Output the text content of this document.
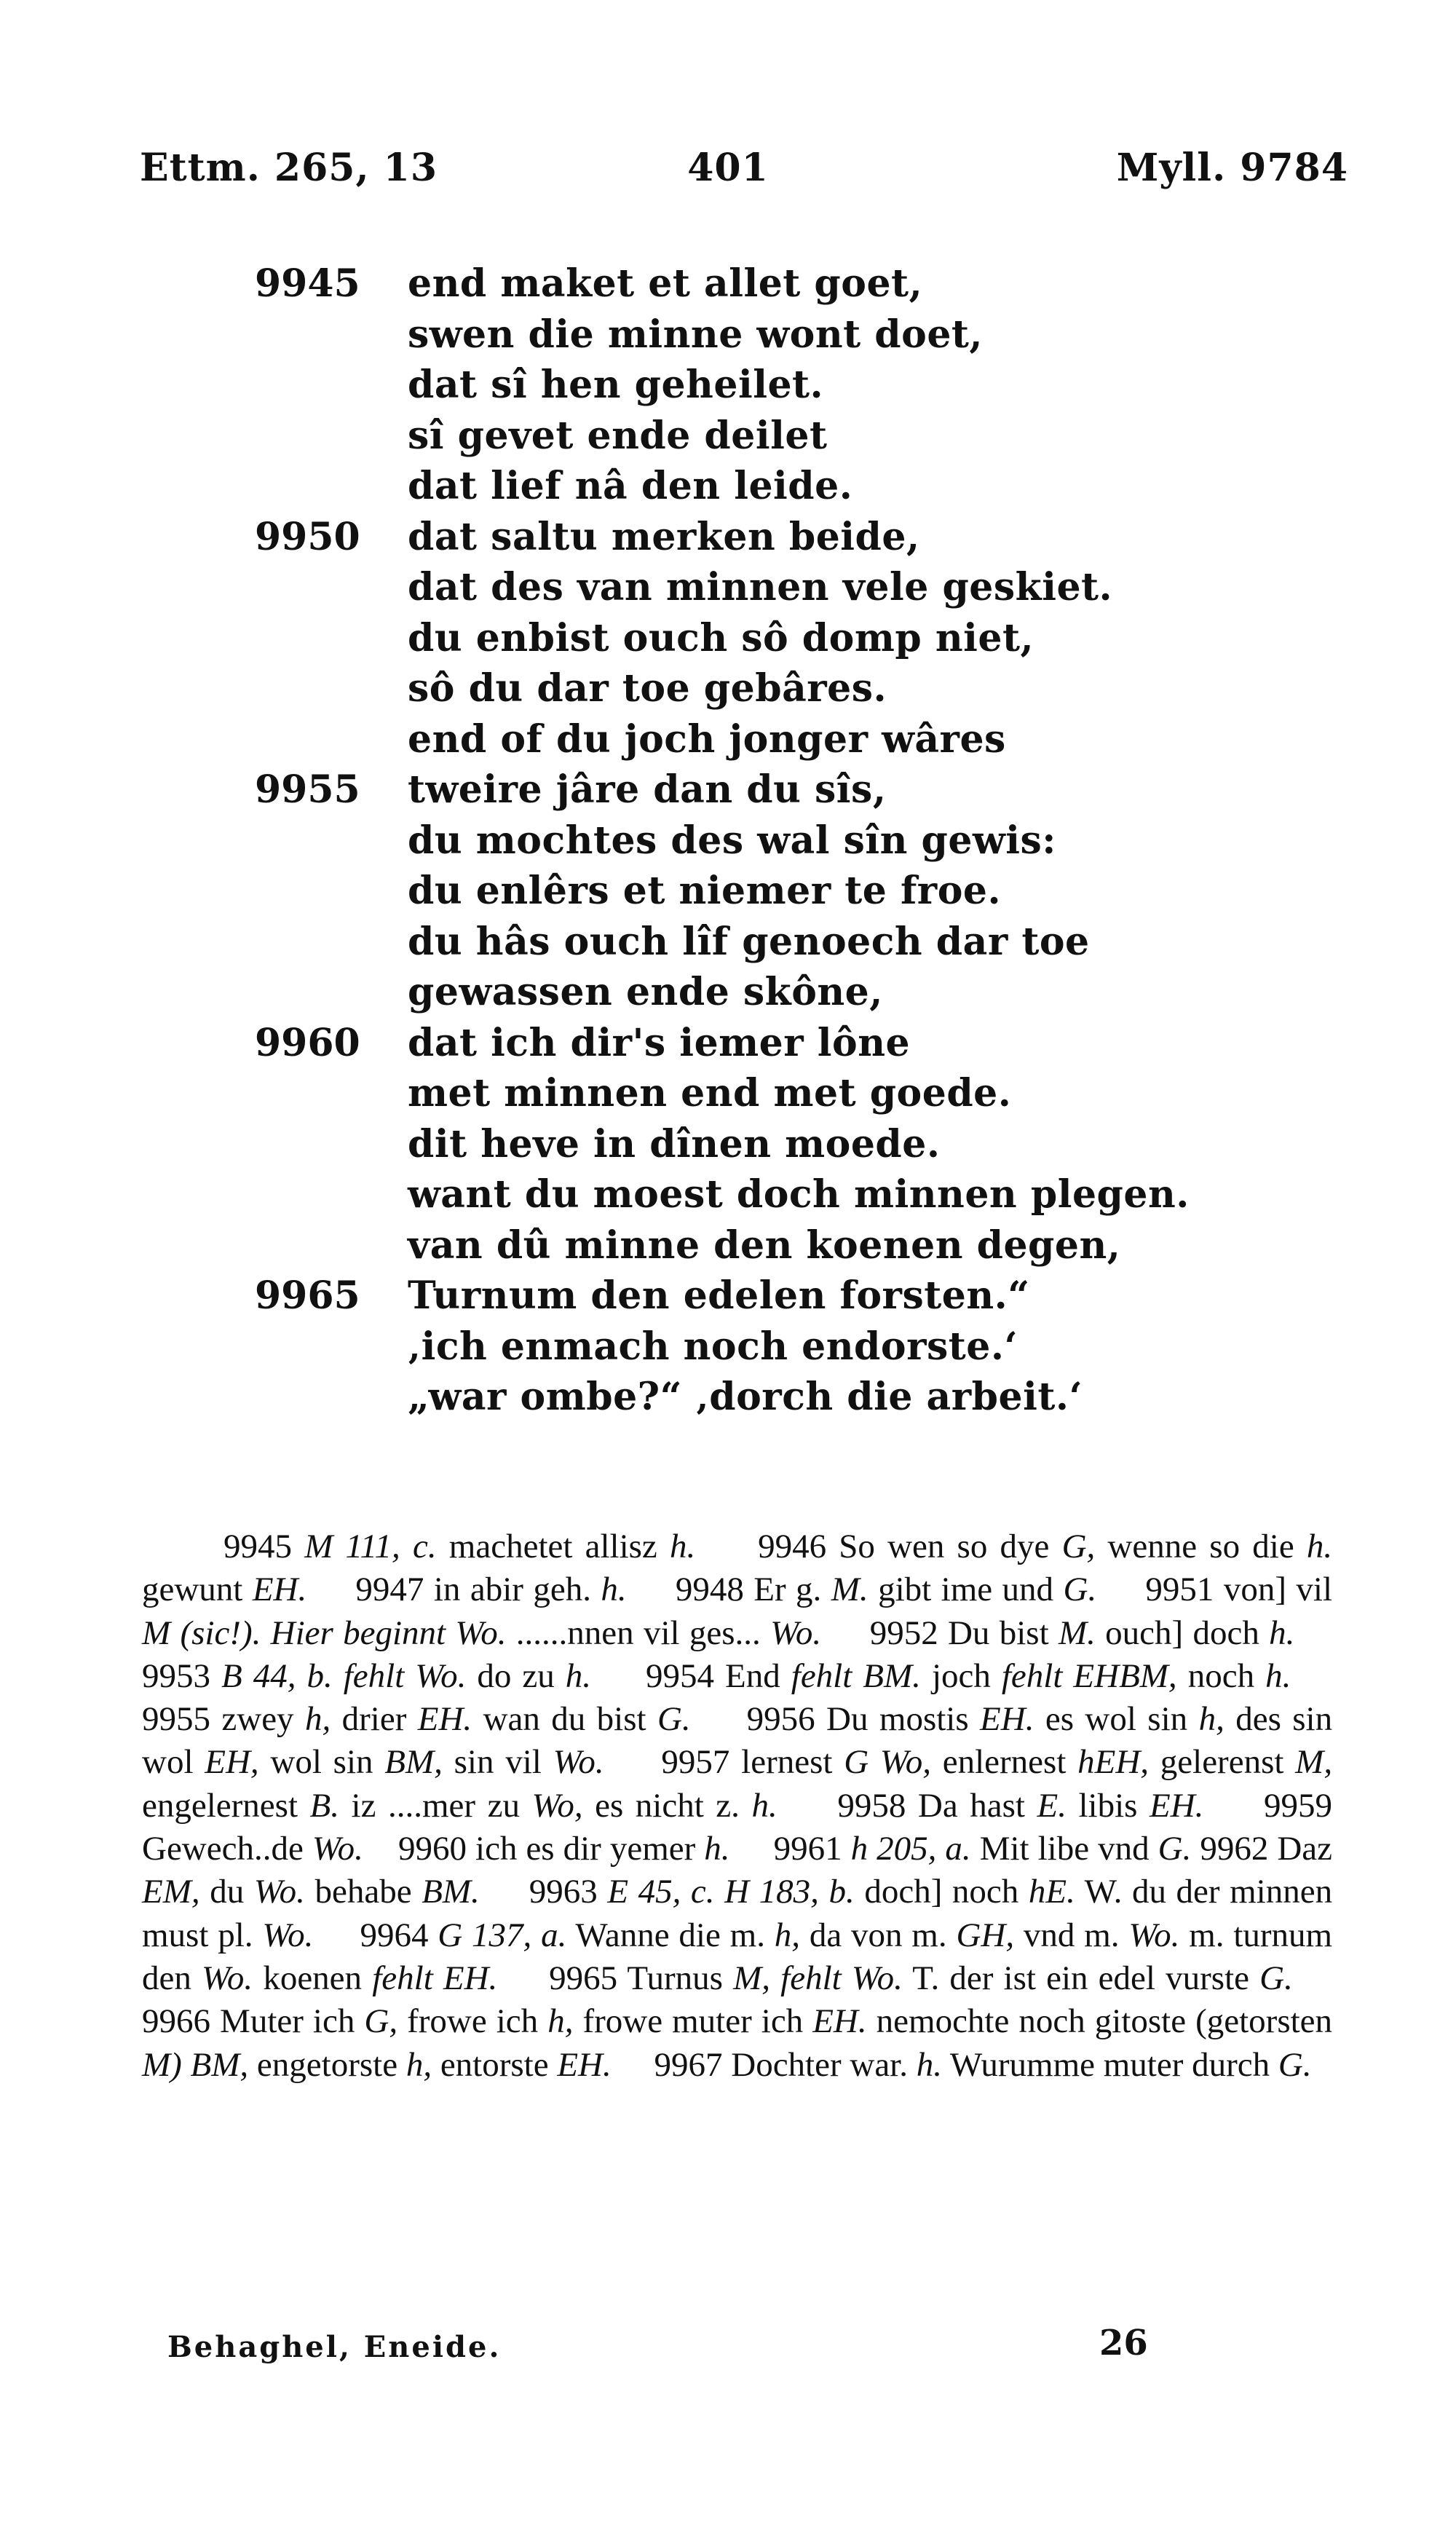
Ettm. 265, 13	401	Myll. 9784
9945 end maket et allet goet,
swen die minne wont doet,
dat sî hen geheilet.
sî gevet ende deilet
dat lief nâ den leide.
9950 dat saltu merken beide,
dat des van minnen vele geskiet.
du enbist ouch sô domp niet,
sô du dar toe gebâres.
end of du joch jonger wâres
9955 tweire jâre dan du sîs,
du mochtes des wal sîn gewis:
du enlêrs et niemer te froe.
du hâs ouch lîf genoech dar toe
gewassen ende skône,
9960 dat ich dir's iemer lône
met minnen end met goede.
dit heve in dînen moede.
want du moest doch minnen plegen.
van dû minne den koenen degen,
9965 Turnum den edelen forsten.“
‚ich enmach noch endorste.‘
„war ombe?“ ‚dorch die arbeit.‘

9945 M 111, c. machetet allisz h. 9946 So wen so dye G, wenne so die h. gewunt EH. 9947 in abir geh. h. 9948 Er g. M. gibt ime und G. 9951 von] vil M (sic!). Hier beginnt Wo. ......nnen vil ges... Wo. 9952 Du bist M. ouch] doch h.     9953 B 44, b. fehlt Wo. do zu h. 9954 End fehlt BM. joch fehlt EHBM, noch h.     9955 zwey h, drier EH. wan du bist G. 9956 Du mostis EH. es wol sin h, des sin wol EH, wol sin BM, sin vil Wo. 9957 lernest G Wo, enlernest hEH, gelerenst M, engelernest B. iz ....mer zu Wo, es nicht z. h. 9958 Da hast E. libis EH. 9959 Gewech..de Wo. 9960 ich es dir yemer h. 9961 h 205, a. Mit libe vnd G. 9962 Daz EM, du Wo. behabe BM. 9963 E 45, c. H 183, b. doch] noch hE. W. du der minnen must pl. Wo. 9964 G 137, a. Wanne die m. h, da von m. GH, vnd m. Wo. m. turnum den Wo. koenen fehlt EH. 9965 Turnus M, fehlt Wo. T. der ist ein edel vurste G.     9966 Muter ich G, frowe ich h, frowe muter ich EH. nemochte noch gitoste (getorsten M) BM, engetorste h, entorste EH. 9967 Dochter war. h. Wurumme muter durch G.

Behaghel, Eneide.	26
